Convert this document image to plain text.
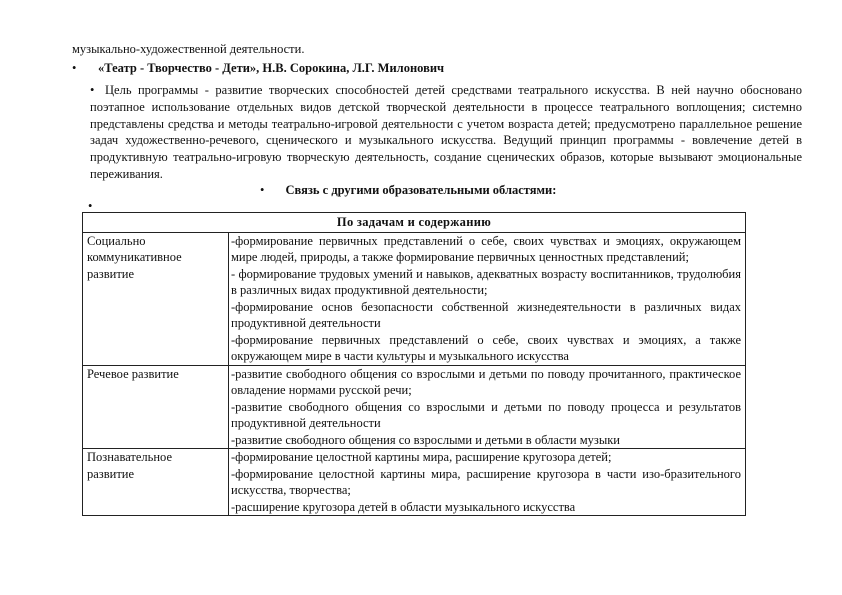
музыкально-художественной деятельности.
• «Театр - Творчество - Дети», Н.В. Сорокина, Л.Г. Милонович
• Цель программы - развитие творческих способностей детей средствами театрального искусства. В ней научно обосновано поэтапное использование отдельных видов детской творческой деятельности в процессе театрального воплощения; системно представлены средства и методы театрально-игровой деятельности с учетом возраста детей; предусмотрено параллельное решение задач художественно-речевого, сценического и музыкального искусства. Ведущий принцип программы - вовлечение детей в продуктивную театрально-игровую творческую деятельность, создание сценических образов, которые вызывают эмоциональные переживания.
• Связь с другими образовательными областями:
•
По задачам и содержанию	
Социально коммуникативное развитие	-формирование первичных представлений о себе, своих чувствах и эмоциях, окружающем мире людей, природы, а также формирование первичных ценностных представлений;
- формирование трудовых умений и навыков, адекватных возрасту воспитанников, трудолюбия в различных видах продуктивной деятельности;
-формирование основ безопасности собственной жизнедеятельности в различных видах продуктивной деятельности
-формирование первичных представлений о себе, своих чувствах и эмоциях, а также окружающем мире в части культуры и музыкального искусства

Речевое развитие	-развитие свободного общения со взрослыми и детьми по поводу прочитанного, практическое овладение нормами русской речи;
-развитие свободного общения со взрослыми и детьми по поводу процесса и результатов продуктивной деятельности
-развитие свободного общения со взрослыми и детьми в области музыки

Познавательное развитие	-формирование целостной картины мира, расширение кругозора детей;
-формирование целостной картины мира, расширение кругозора в части изо-бразительного искусства, творчества;
-расширение кругозора детей в области музыкального искусства
